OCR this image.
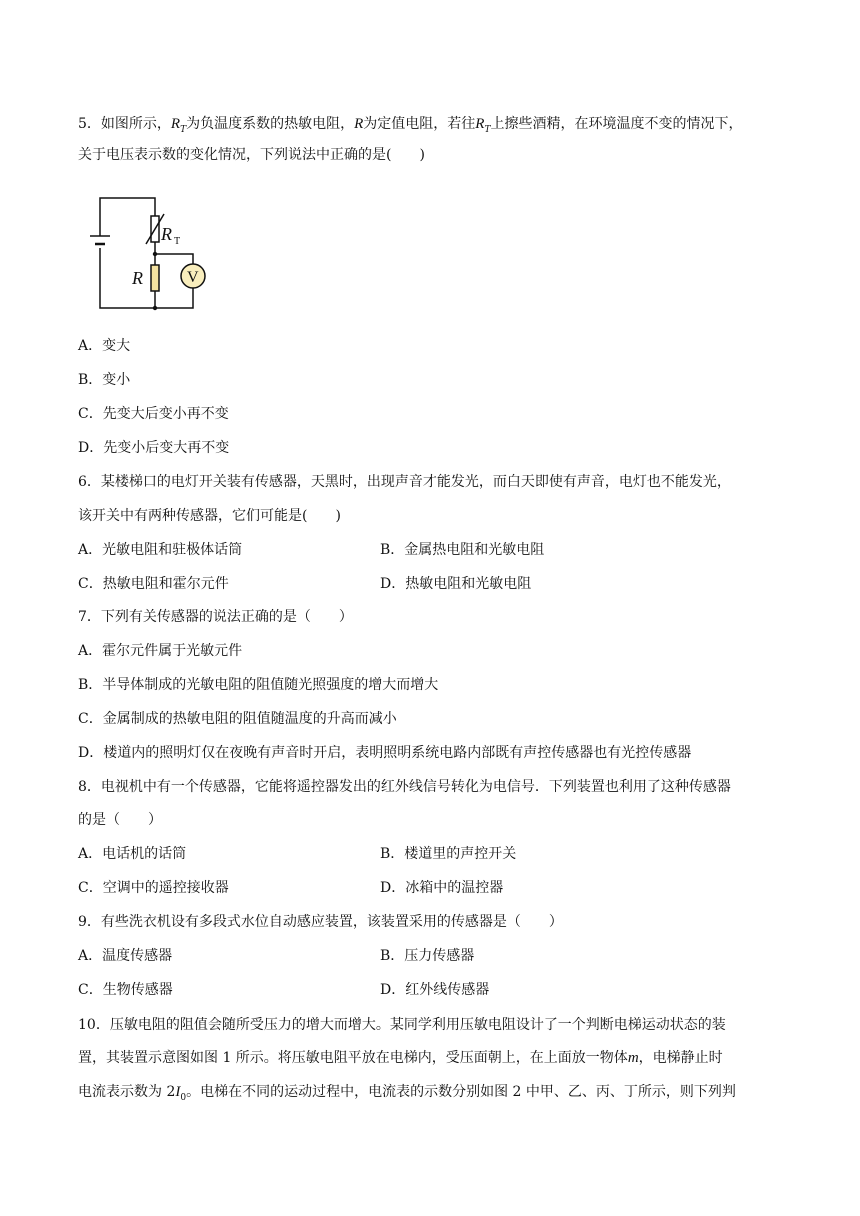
5．如图所示，$R_T$为负温度系数的热敏电阻，R为定值电阻，若往$R_T$上擦些酒精，在环境温度不变的情况下，
关于电压表示数的变化情况，下列说法中正确的是(　　)
R T
R	V
A．变大
B．变小
C．先变大后变小再不变
D．先变小后变大再不变
6．某楼梯口的电灯开关装有传感器，天黑时，出现声音才能发光，而白天即使有声音，电灯也不能发光，
该开关中有两种传感器，它们可能是(　　)
A．光敏电阻和驻极体话筒	B．金属热电阻和光敏电阻
C．热敏电阻和霍尔元件	D．热敏电阻和光敏电阻
7．下列有关传感器的说法正确的是（　　）
A．霍尔元件属于光敏元件
B．半导体制成的光敏电阻的阻值随光照强度的增大而增大
C．金属制成的热敏电阻的阻值随温度的升高而减小
D．楼道内的照明灯仅在夜晚有声音时开启，表明照明系统电路内部既有声控传感器也有光控传感器
8．电视机中有一个传感器，它能将遥控器发出的红外线信号转化为电信号．下列装置也利用了这种传感器
的是（　　）
A．电话机的话筒	B．楼道里的声控开关
C．空调中的遥控接收器	D．冰箱中的温控器
9．有些洗衣机设有多段式水位自动感应装置，该装置采用的传感器是（　　）
A．温度传感器	B．压力传感器
C．生物传感器	D．红外线传感器
10．压敏电阻的阻值会随所受压力的增大而增大。某同学利用压敏电阻设计了一个判断电梯运动状态的装
置，其装置示意图如图 1 所示。将压敏电阻平放在电梯内，受压面朝上，在上面放一物体m，电梯静止时
电流表示数为 $2I_0$。电梯在不同的运动过程中，电流表的示数分别如图 2 中甲、乙、丙、丁所示，则下列判
